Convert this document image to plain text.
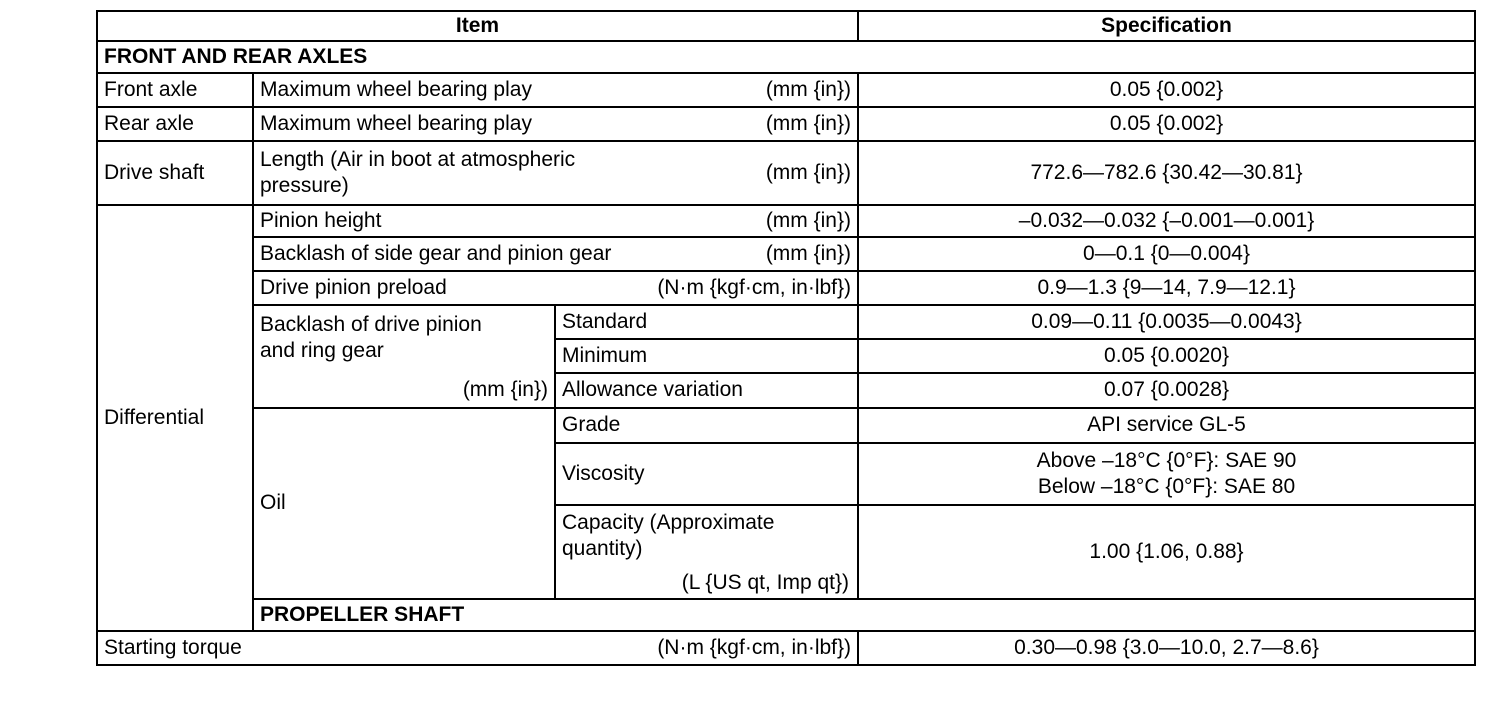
Item			Specification
FRONT AND REAR AXLES			
Front axle	Maximum wheel bearing play (mm {in})		0.05 {0.002}
Rear axle	Maximum wheel bearing play (mm {in})		0.05 {0.002}
Drive shaft	Length (Air in boot at atmospheric
pressure)
(mm {in})		772.6—782.6 {30.42—30.81}
Differential	Pinion height (mm {in})		–0.032—0.032 {–0.001—0.001}

	Backlash of side gear and pinion gear (mm {in})		0—0.1 {0—0.004}

	Drive pinion preload (N·m {kgf·cm, in·lbf})		0.9—1.3 {9—14, 7.9—12.1}

	Backlash of drive pinion
and ring gear
(mm {in})	Standard	0.09—0.11 {0.0035—0.0043}
		Minimum	0.05 {0.0020}
		Allowance variation	0.07 {0.0028}
	Oil	Grade	API service GL-5
		Viscosity	Above –18°C {0°F}: SAE 90
Below –18°C {0°F}: SAE 80

		Capacity (Approximate
quantity)
(L {US qt, Imp qt})	1.00 {1.06, 0.88}
	PROPELLER SHAFT		

Starting torque (N·m {kgf·cm, in·lbf})			0.30—0.98 {3.0—10.0, 2.7—8.6}
